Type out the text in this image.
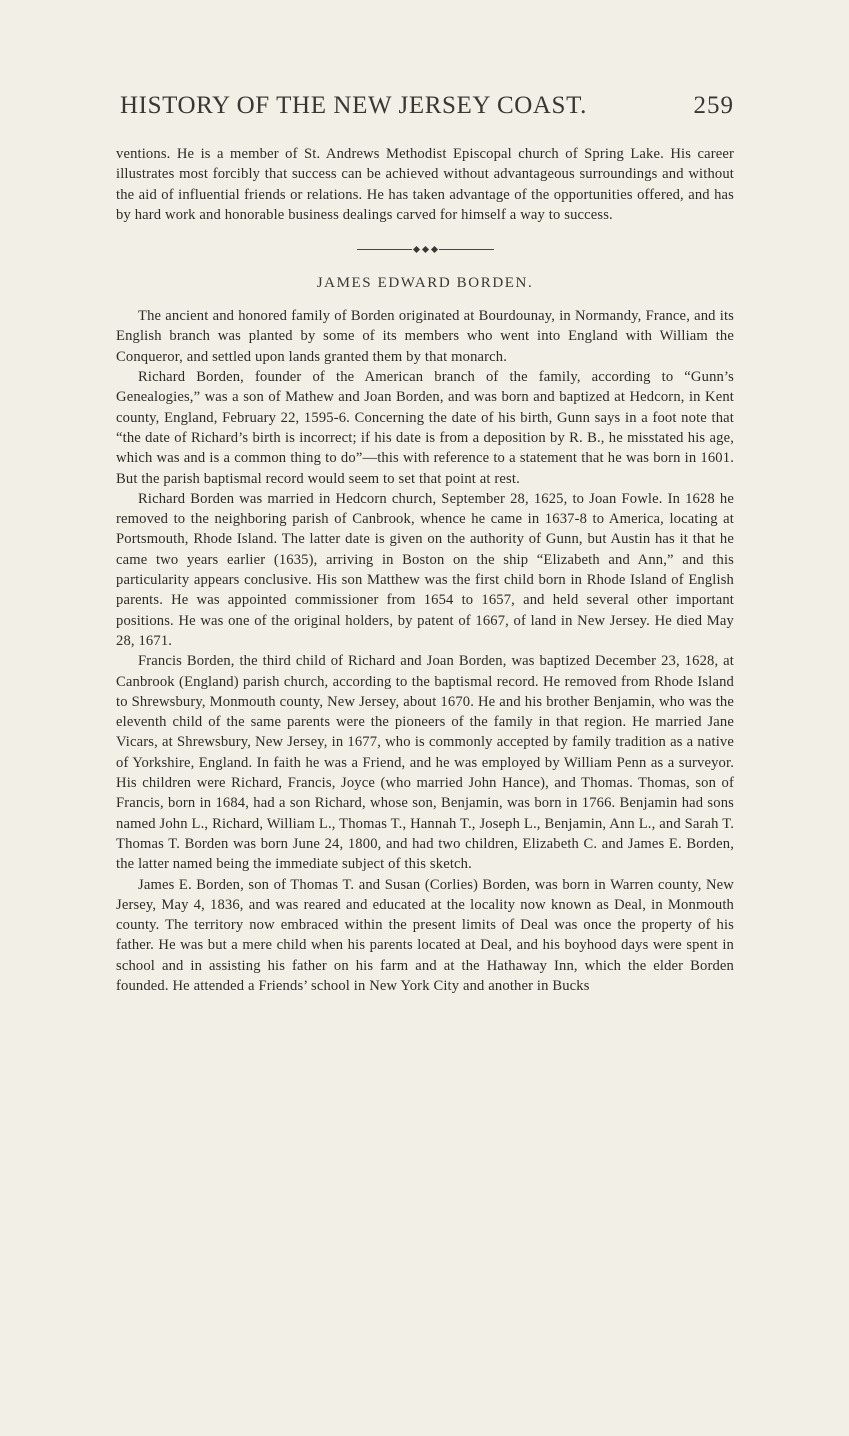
HISTORY OF THE NEW JERSEY COAST.	259

ventions. He is a member of St. Andrews Methodist Episcopal church of Spring Lake. His career illustrates most forcibly that success can be achieved without advantageous surroundings and without the aid of influential friends or relations. He has taken advantage of the opportunities offered, and has by hard work and honorable business dealings carved for himself a way to success.

JAMES EDWARD BORDEN.

The ancient and honored family of Borden originated at Bourdounay, in Normandy, France, and its English branch was planted by some of its members who went into England with William the Conqueror, and settled upon lands granted them by that monarch.

Richard Borden, founder of the American branch of the family, according to “Gunn’s Genealogies,” was a son of Mathew and Joan Borden, and was born and baptized at Hedcorn, in Kent county, England, February 22, 1595-6. Concerning the date of his birth, Gunn says in a foot note that “the date of Richard’s birth is incorrect; if his date is from a deposition by R. B., he misstated his age, which was and is a common thing to do”—this with reference to a statement that he was born in 1601. But the parish baptismal record would seem to set that point at rest.

Richard Borden was married in Hedcorn church, September 28, 1625, to Joan Fowle. In 1628 he removed to the neighboring parish of Canbrook, whence he came in 1637-8 to America, locating at Portsmouth, Rhode Island. The latter date is given on the authority of Gunn, but Austin has it that he came two years earlier (1635), arriving in Boston on the ship “Elizabeth and Ann,” and this particularity appears conclusive. His son Matthew was the first child born in Rhode Island of English parents. He was appointed commissioner from 1654 to 1657, and held several other important positions. He was one of the original holders, by patent of 1667, of land in New Jersey. He died May 28, 1671.

Francis Borden, the third child of Richard and Joan Borden, was baptized December 23, 1628, at Canbrook (England) parish church, according to the baptismal record. He removed from Rhode Island to Shrewsbury, Monmouth county, New Jersey, about 1670. He and his brother Benjamin, who was the eleventh child of the same parents were the pioneers of the family in that region. He married Jane Vicars, at Shrewsbury, New Jersey, in 1677, who is commonly accepted by family tradition as a native of Yorkshire, England. In faith he was a Friend, and he was employed by William Penn as a surveyor. His children were Richard, Francis, Joyce (who married John Hance), and Thomas. Thomas, son of Francis, born in 1684, had a son Richard, whose son, Benjamin, was born in 1766. Benjamin had sons named John L., Richard, William L., Thomas T., Hannah T., Joseph L., Benjamin, Ann L., and Sarah T. Thomas T. Borden was born June 24, 1800, and had two children, Elizabeth C. and James E. Borden, the latter named being the immediate subject of this sketch.

James E. Borden, son of Thomas T. and Susan (Corlies) Borden, was born in Warren county, New Jersey, May 4, 1836, and was reared and educated at the locality now known as Deal, in Monmouth county. The territory now embraced within the present limits of Deal was once the property of his father. He was but a mere child when his parents located at Deal, and his boyhood days were spent in school and in assisting his father on his farm and at the Hathaway Inn, which the elder Borden founded. He attended a Friends’ school in New York City and another in Bucks
